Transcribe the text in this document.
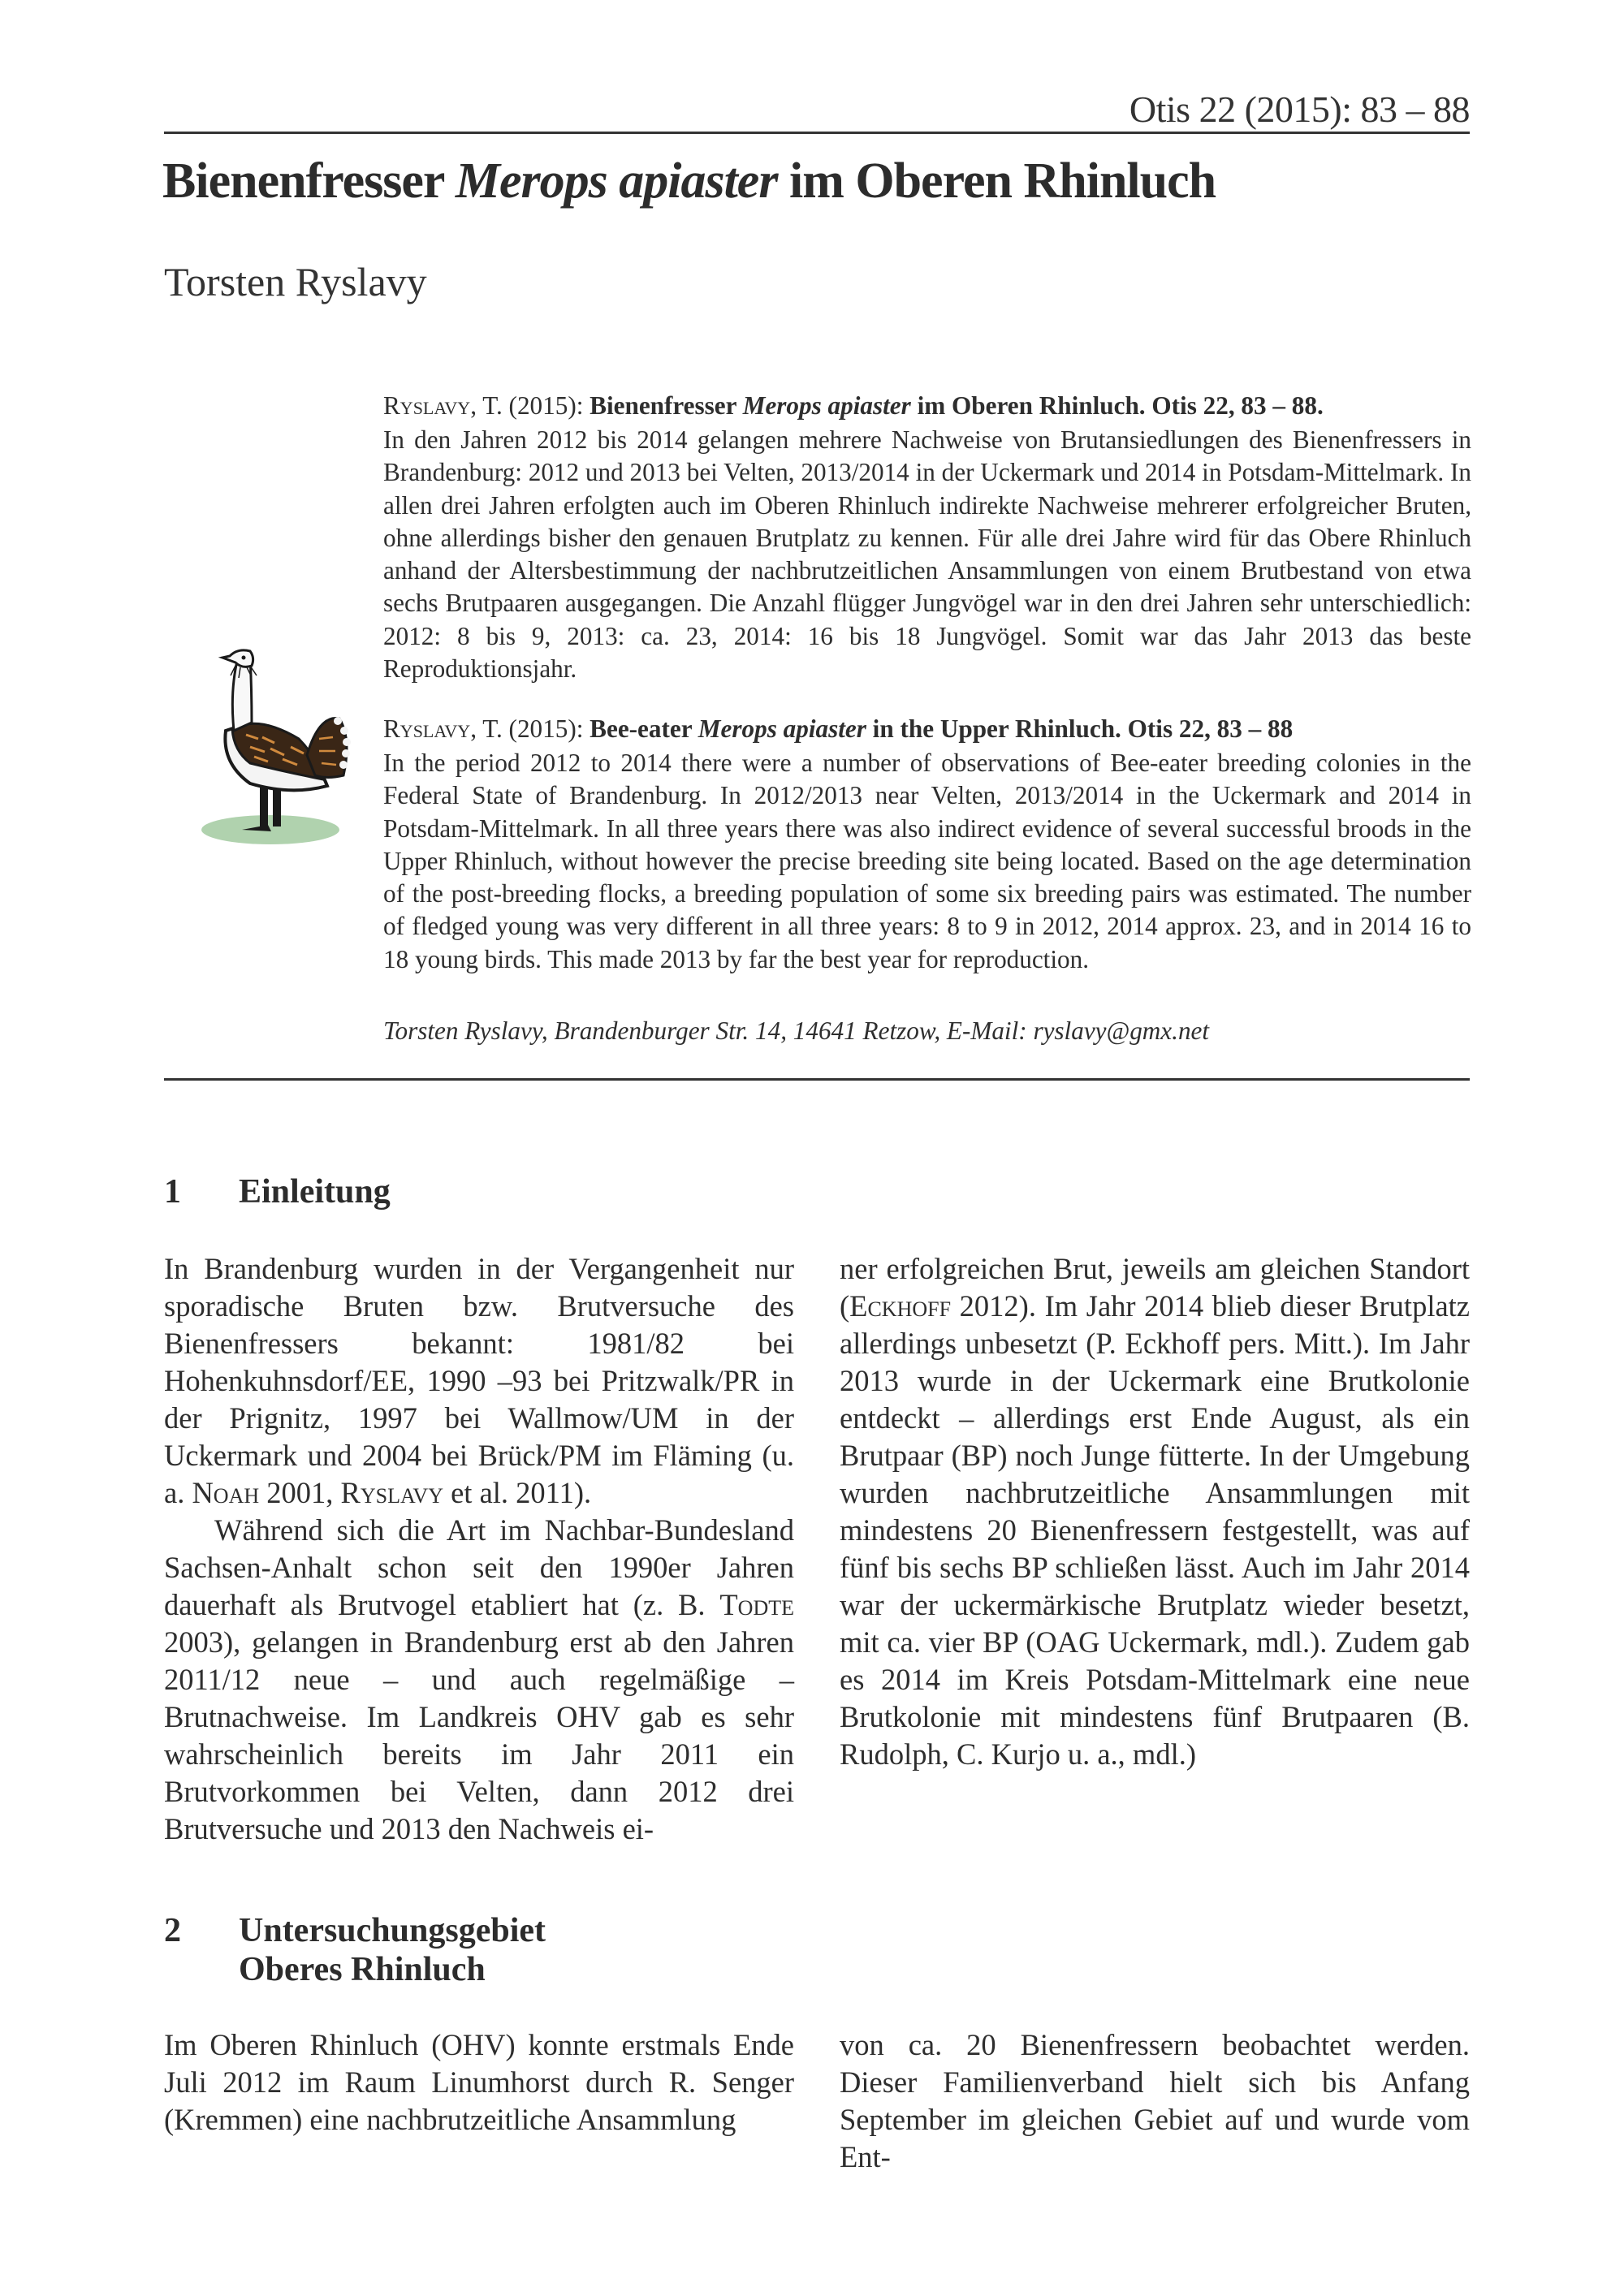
Otis 22 (2015): 83 – 88
Bienenfresser Merops apiaster im Oberen Rhinluch
Torsten Ryslavy
Ryslavy, T. (2015): Bienenfresser Merops apiaster im Oberen Rhinluch. Otis 22, 83 – 88.

In den Jahren 2012 bis 2014 gelangen mehrere Nachweise von Brutansiedlungen des Bienenfressers in Brandenburg: 2012 und 2013 bei Velten, 2013/2014 in der Uckermark und 2014 in Potsdam-Mittelmark. In allen drei Jahren erfolgten auch im Oberen Rhinluch indirekte Nachweise mehrerer erfolgreicher Bruten, ohne allerdings bisher den genauen Brutplatz zu kennen. Für alle drei Jahre wird für das Obere Rhinluch anhand der Altersbestimmung der nachbrutzeitlichen Ansammlungen von einem Brutbestand von etwa sechs Brutpaaren ausgegangen. Die Anzahl flügger Jungvögel war in den drei Jahren sehr unterschiedlich: 2012: 8 bis 9, 2013: ca. 23, 2014: 16 bis 18 Jungvögel. Somit war das Jahr 2013 das beste Reproduktionsjahr.

Ryslavy, T. (2015): Bee-eater Merops apiaster in the Upper Rhinluch. Otis 22, 83 – 88

In the period 2012 to 2014 there were a number of observations of Bee-eater breeding colonies in the Federal State of Brandenburg. In 2012/2013 near Velten, 2013/2014 in the Uckermark and 2014 in Potsdam-Mittelmark. In all three years there was also indirect evidence of several successful broods in the Upper Rhinluch, without however the precise breeding site being located. Based on the age determination of the post-breeding flocks, a breeding population of some six breeding pairs was estimated. The number of fledged young was very different in all three years: 8 to 9 in 2012, 2014 approx. 23, and in 2014 16 to 18 young birds. This made 2013 by far the best year for reproduction.

Torsten Ryslavy, Brandenburger Str. 14, 14641 Retzow, E-Mail: ryslavy@gmx.net
1 Einleitung

In Brandenburg wurden in der Vergangenheit nur sporadische Bruten bzw. Brutversuche des Bienenfressers bekannt: 1981/82 bei Hohenkuhnsdorf/EE, 1990 –93 bei Pritzwalk/PR in der Prignitz, 1997 bei Wallmow/UM in der Uckermark und 2004 bei Brück/PM im Fläming (u. a. Noah 2001, Ryslavy et al. 2011).

Während sich die Art im Nachbar-Bundesland Sachsen-Anhalt schon seit den 1990er Jahren dauerhaft als Brutvogel etabliert hat (z. B. Todte 2003), gelangen in Brandenburg erst ab den Jahren 2011/12 neue – und auch regelmäßige – Brutnachweise. Im Landkreis OHV gab es sehr wahrscheinlich bereits im Jahr 2011 ein Brutvorkommen bei Velten, dann 2012 drei Brutversuche und 2013 den Nachweis ei-

ner erfolgreichen Brut, jeweils am gleichen Standort (Eckhoff 2012). Im Jahr 2014 blieb dieser Brutplatz allerdings unbesetzt (P. Eckhoff pers. Mitt.). Im Jahr 2013 wurde in der Uckermark eine Brutkolonie entdeckt – allerdings erst Ende August, als ein Brutpaar (BP) noch Junge fütterte. In der Umgebung wurden nachbrutzeitliche Ansammlungen mit mindestens 20 Bienenfressern festgestellt, was auf fünf bis sechs BP schließen lässt. Auch im Jahr 2014 war der uckermärkische Brutplatz wieder besetzt, mit ca. vier BP (OAG Uckermark, mdl.). Zudem gab es 2014 im Kreis Potsdam-Mittelmark eine neue Brutkolonie mit mindestens fünf Brutpaaren (B. Rudolph, C. Kurjo u. a., mdl.)

2 Untersuchungsgebiet
Oberes Rhinluch

Im Oberen Rhinluch (OHV) konnte erstmals Ende Juli 2012 im Raum Linumhorst durch R. Senger (Kremmen) eine nachbrutzeitliche Ansammlung

von ca. 20 Bienenfressern beobachtet werden. Dieser Familienverband hielt sich bis Anfang September im gleichen Gebiet auf und wurde vom Ent-
